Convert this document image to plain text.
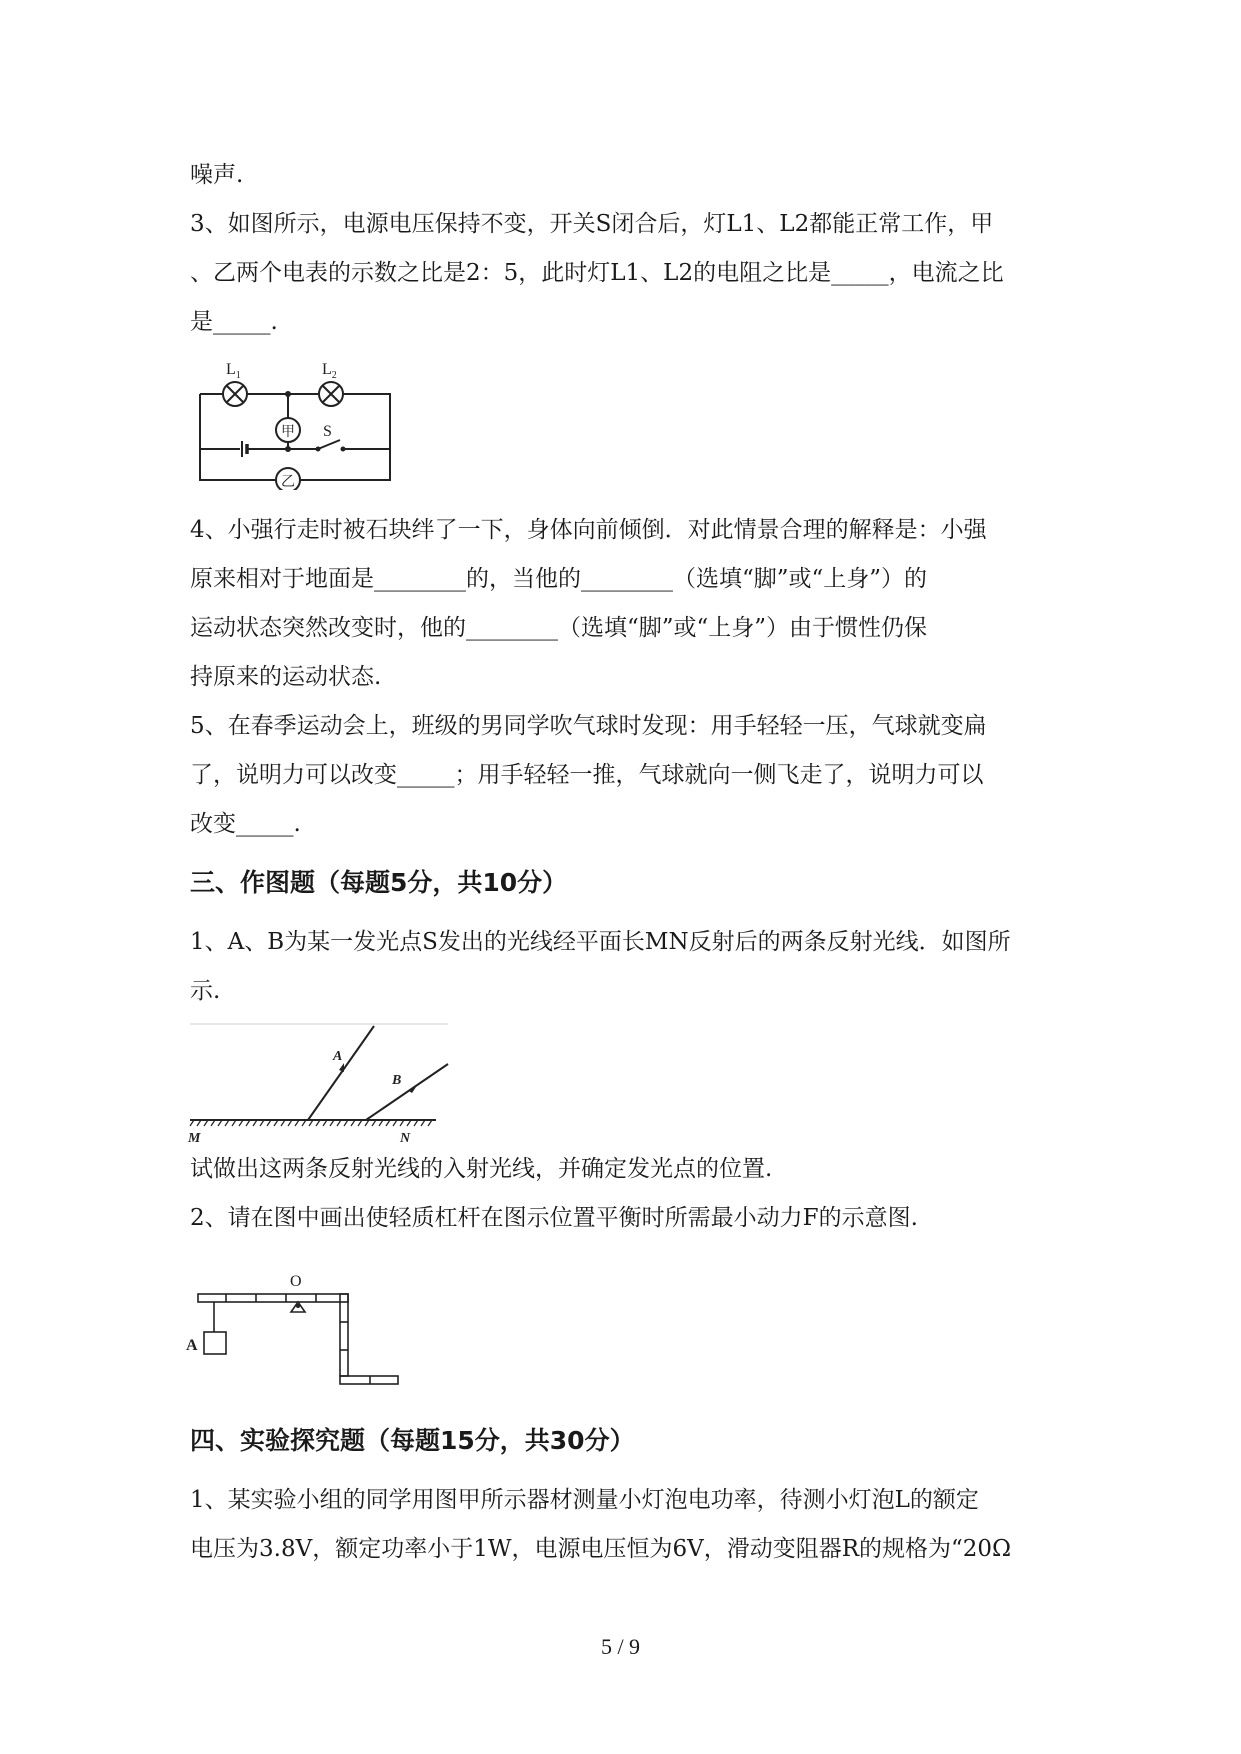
噪声.
3、如图所示，电源电压保持不变，开关S闭合后，灯L1、L2都能正常工作，甲
、乙两个电表的示数之比是2：5，此时灯L1、L2的电阻之比是_____，电流之比
是_____.
$L_1$	$L_2$
甲
乙
S
4、小强行走时被石块绊了一下，身体向前倾倒．对此情景合理的解释是：小强
原来相对于地面是________的，当他的________（选填“脚”或“上身”）的
运动状态突然改变时，他的________（选填“脚”或“上身”）由于惯性仍保
持原来的运动状态.
5、在春季运动会上，班级的男同学吹气球时发现：用手轻轻一压，气球就变扁
了，说明力可以改变_____；用手轻轻一推，气球就向一侧飞走了，说明力可以
改变_____.
三、作图题（每题5分，共10分）
1、A、B为某一发光点S发出的光线经平面长MN反射后的两条反射光线．如图所
示.
A
B
M	N
试做出这两条反射光线的入射光线，并确定发光点的位置.
2、请在图中画出使轻质杠杆在图示位置平衡时所需最小动力F的示意图.
O
A
四、实验探究题（每题15分，共30分）
1、某实验小组的同学用图甲所示器材测量小灯泡电功率，待测小灯泡L的额定
电压为3.8V，额定功率小于1W，电源电压恒为6V，滑动变阻器R的规格为“20Ω
5 / 9
